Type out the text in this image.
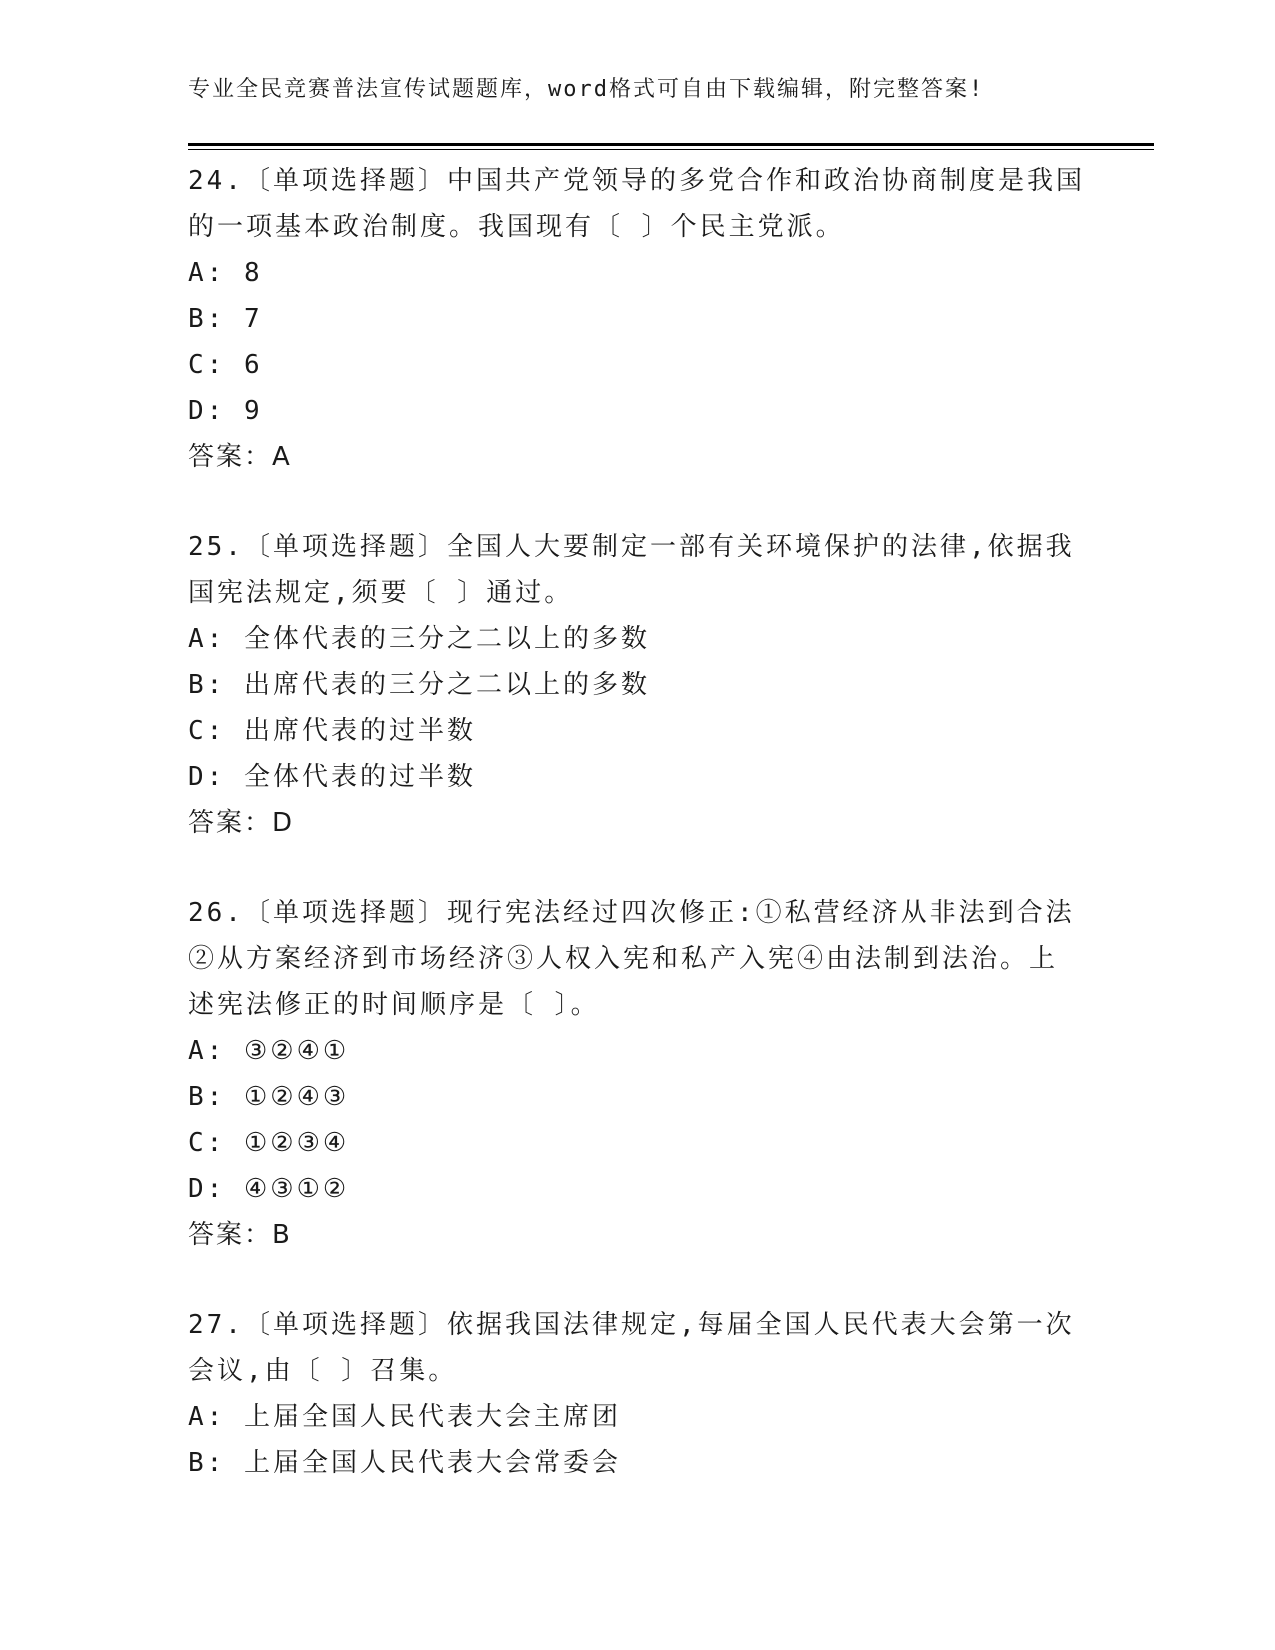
专业全民竞赛普法宣传试题题库，word格式可自由下载编辑，附完整答案!
24.〔单项选择题〕中国共产党领导的多党合作和政治协商制度是我国
的一项基本政治制度。我国现有〔 〕个民主党派。
A: 8
B: 7
C: 6
D: 9
答案：A
25.〔单项选择题〕全国人大要制定一部有关环境保护的法律,依据我
国宪法规定,须要〔 〕通过。
A: 全体代表的三分之二以上的多数
B: 出席代表的三分之二以上的多数
C: 出席代表的过半数
D: 全体代表的过半数
答案：D
26.〔单项选择题〕现行宪法经过四次修正:①私营经济从非法到合法
②从方案经济到市场经济③人权入宪和私产入宪④由法制到法治。上
述宪法修正的时间顺序是〔 〕。
A: ③②④①
B: ①②④③
C: ①②③④
D: ④③①②
答案：B
27.〔单项选择题〕依据我国法律规定,每届全国人民代表大会第一次
会议,由〔 〕召集。
A: 上届全国人民代表大会主席团
B: 上届全国人民代表大会常委会
